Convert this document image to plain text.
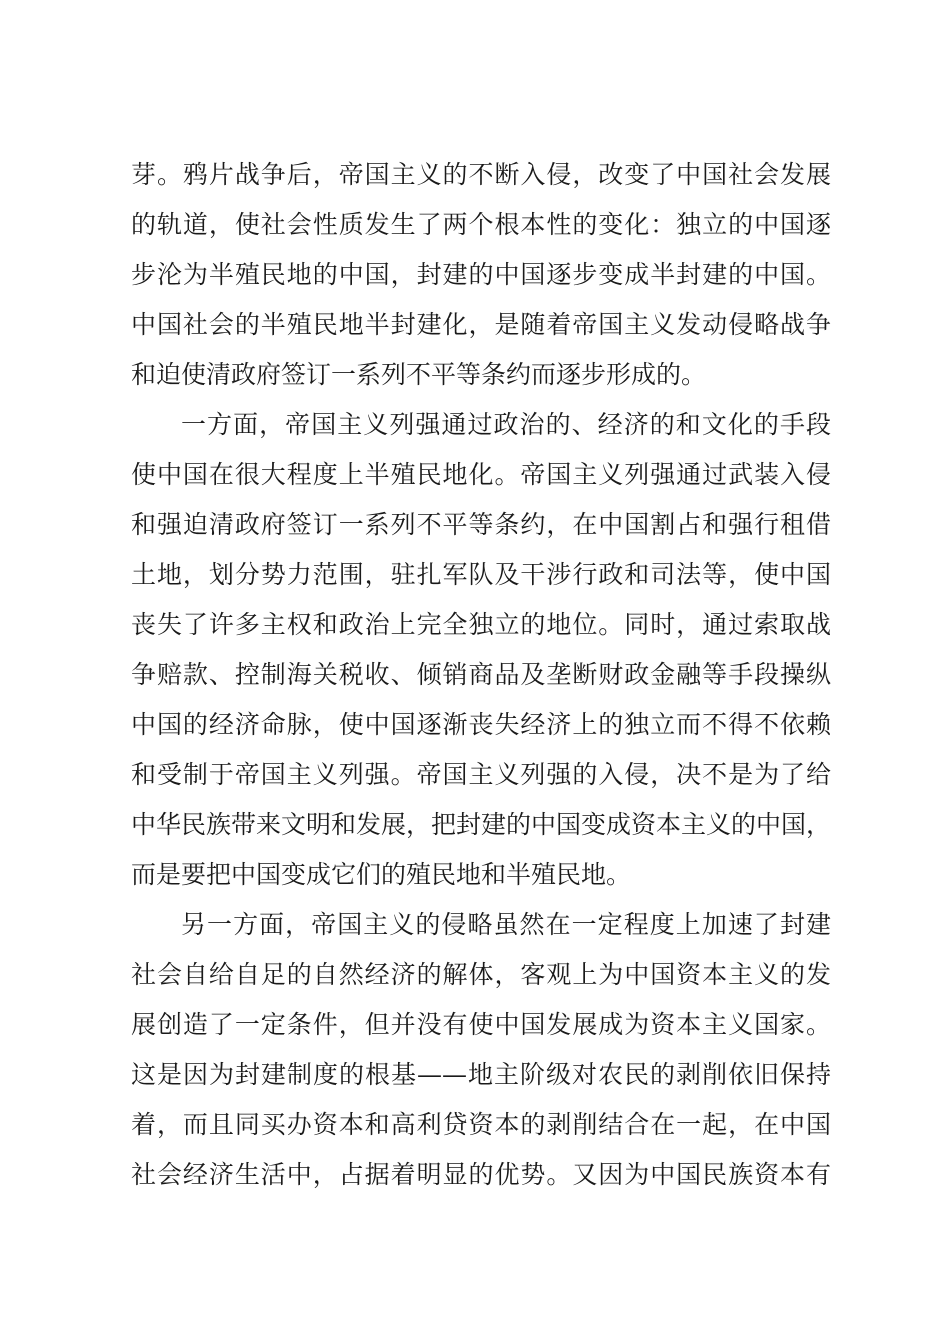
芽。鸦片战争后，帝国主义的不断入侵，改变了中国社会发展
的轨道，使社会性质发生了两个根本性的变化：独立的中国逐
步沦为半殖民地的中国，封建的中国逐步变成半封建的中国。
中国社会的半殖民地半封建化，是随着帝国主义发动侵略战争
和迫使清政府签订一系列不平等条约而逐步形成的。
一方面，帝国主义列强通过政治的、经济的和文化的手段
使中国在很大程度上半殖民地化。帝国主义列强通过武装入侵
和强迫清政府签订一系列不平等条约，在中国割占和强行租借
土地，划分势力范围，驻扎军队及干涉行政和司法等，使中国
丧失了许多主权和政治上完全独立的地位。同时，通过索取战
争赔款、控制海关税收、倾销商品及垄断财政金融等手段操纵
中国的经济命脉，使中国逐渐丧失经济上的独立而不得不依赖
和受制于帝国主义列强。帝国主义列强的入侵，决不是为了给
中华民族带来文明和发展，把封建的中国变成资本主义的中国，
而是要把中国变成它们的殖民地和半殖民地。
另一方面，帝国主义的侵略虽然在一定程度上加速了封建
社会自给自足的自然经济的解体，客观上为中国资本主义的发
展创造了一定条件，但并没有使中国发展成为资本主义国家。
这是因为封建制度的根基——地主阶级对农民的剥削依旧保持
着，而且同买办资本和高利贷资本的剥削结合在一起，在中国
社会经济生活中，占据着明显的优势。又因为中国民族资本有
